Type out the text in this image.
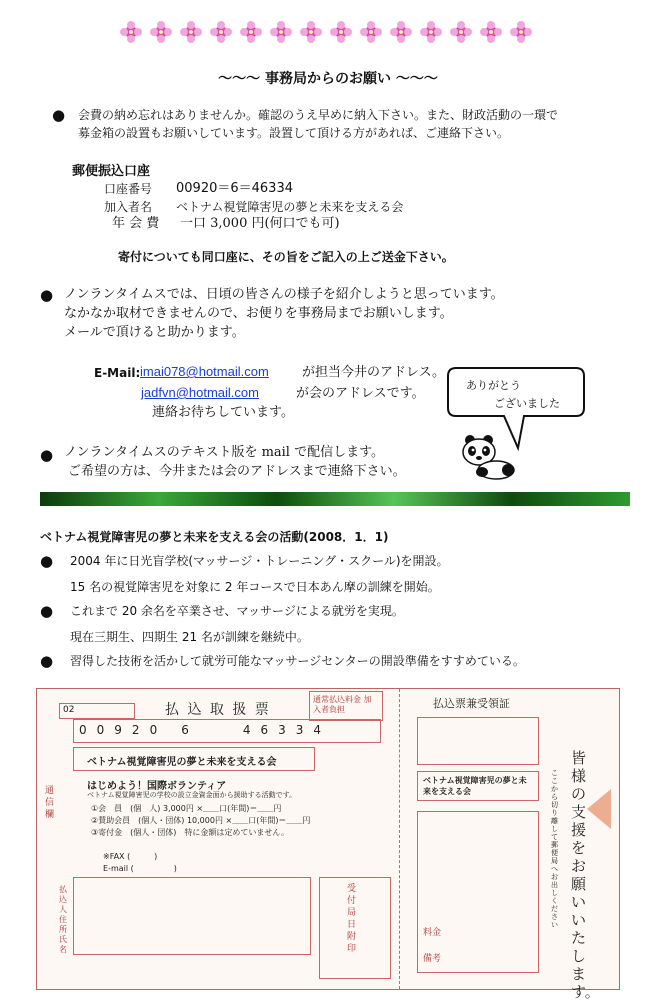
～～～ 事務局からのお願い ～～～
● 会費の納め忘れはありませんか。確認のうえ早めに納入下さい。また、財政活動の一環で
募金箱の設置もお願いしています。設置して頂ける方があれば、ご連絡下さい。
郵便振込口座
口座番号 00920＝6＝46334
加入者名 ベトナム視覚障害児の夢と未来を支える会
年 会 費 一口 3,000 円(何口でも可)
寄付についても同口座に、その旨をご記入の上ご送金下さい。
● ノンランタイムスでは、日頃の皆さんの様子を紹介しようと思っています。
なかなか取材できませんので、お便りを事務局までお願いします。
メールで頂けると助かります。
E-Mail: imai078@hotmail.com	が担当今井のアドレス。
jadfvn@hotmail.com	が会のアドレスです。
連絡お待ちしています。
ありがとう
ございました
● ノンランタイムスのテキスト版を mail で配信します。
ご希望の方は、今井または会のアドレスまで連絡下さい。
ベトナム視覚障害児の夢と未来を支える会の活動(2008．1．1)
● 2004 年に日光盲学校(マッサージ・トレーニング・スクール)を開設。
15 名の視覚障害児を対象に 2 年コースで日本あん摩の訓練を開始。
● これまで 20 余名を卒業させ、マッサージによる就労を実現。
現在三期生、四期生 21 名が訓練を継続中。
● 習得した技術を活かして就労可能なマッサージセンターの開設準備をすすめている。
02	払 込 取 扱 票
通常払込料金 加入者負担
0 0 9 2 0 6	4 6 3 3 4
ベトナム視覚障害児の夢と未来を支える会
通信欄
はじめよう！国際ボランティア
ベトナム視覚障害児の学校の設立金資金面から援助する活動です。
①会　員　(個　人) 3,000円 ×＿＿口(年間)＝＿＿円
②賛助会員　(個人・団体) 10,000円 ×＿＿口(年間)＝＿＿円
③寄付金　(個人・団体)　特に金額は定めていません。
※FAX (　　　)
E-mail (　　　　　)
払込人住所氏名
受付局日附印
払込票兼受領証
ベトナム視覚障害児の夢と未来を支える会
料金
備考
皆様の支援をお願いいたします。
ここから切り離して郵便局へお出しください
